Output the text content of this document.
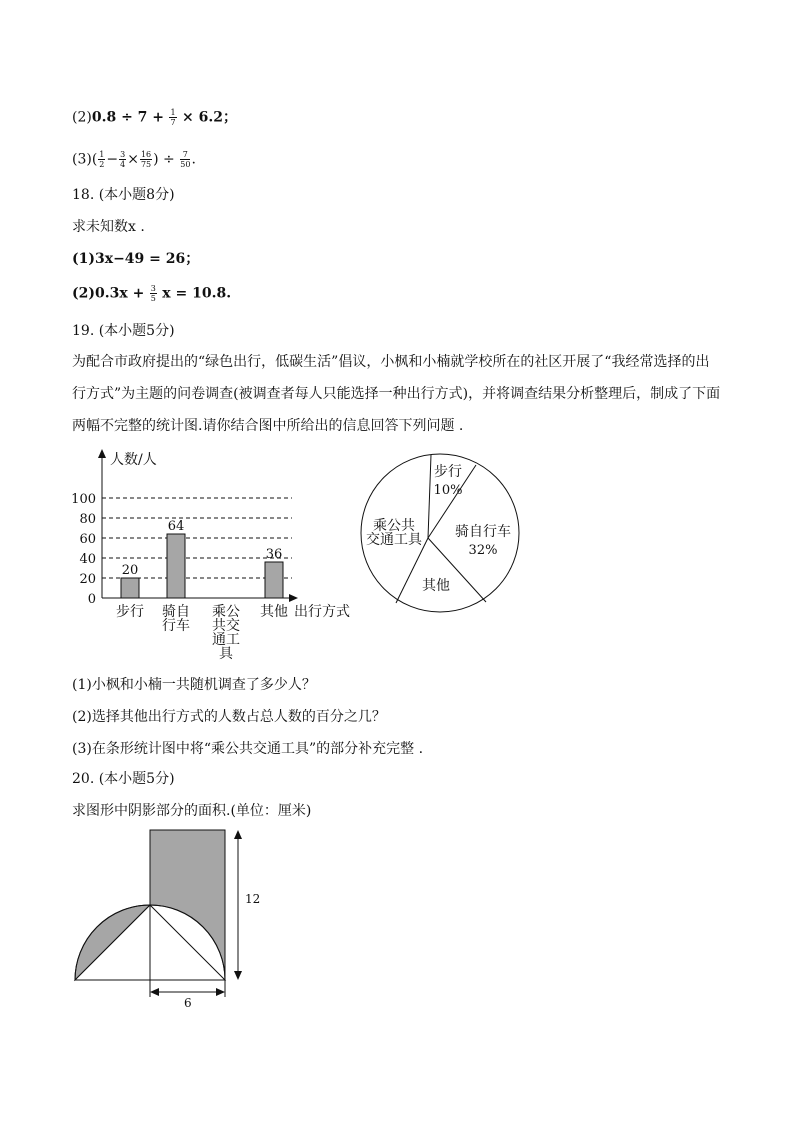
$(2)0.8 \div 7 + \frac{1}{7} \times 6.2$；
$(3)( \frac{1}{2} - \frac{3}{4} \times \frac{16}{75}$ ) ÷ $\frac{7}{50}$ .
18. (本小题8分)
求未知数x .
(1)3x−49 = 26；
$(2)0.3x + \frac{3}{5}$ x = 10.8.
19. (本小题5分)
为配合市政府提出的“绿色出行，低碳生活”倡议，小枫和小楠就学校所在的社区开展了“我经常选择的出行方式”为主题的问卷调查(被调查者每人只能选择一种出行方式)，并将调查结果分析整理后，制成了下面两幅不完整的统计图.请你结合图中所给出的信息回答下列问题 .
0
20
40
60
80
100
人数/人
出行方式
20
步行
64
骑自
行车
乘公
共交
通工
具
36
其他
步行
10%
骑自行车
32%
其他
乘公共
交通工具
(1)小枫和小楠一共随机调查了多少人？
(2)选择其他出行方式的人数占总人数的百分之几？
(3)在条形统计图中将“乘公共交通工具”的部分补充完整 .
20. (本小题5分)
求图形中阴影部分的面积.(单位：厘米)
12
6
